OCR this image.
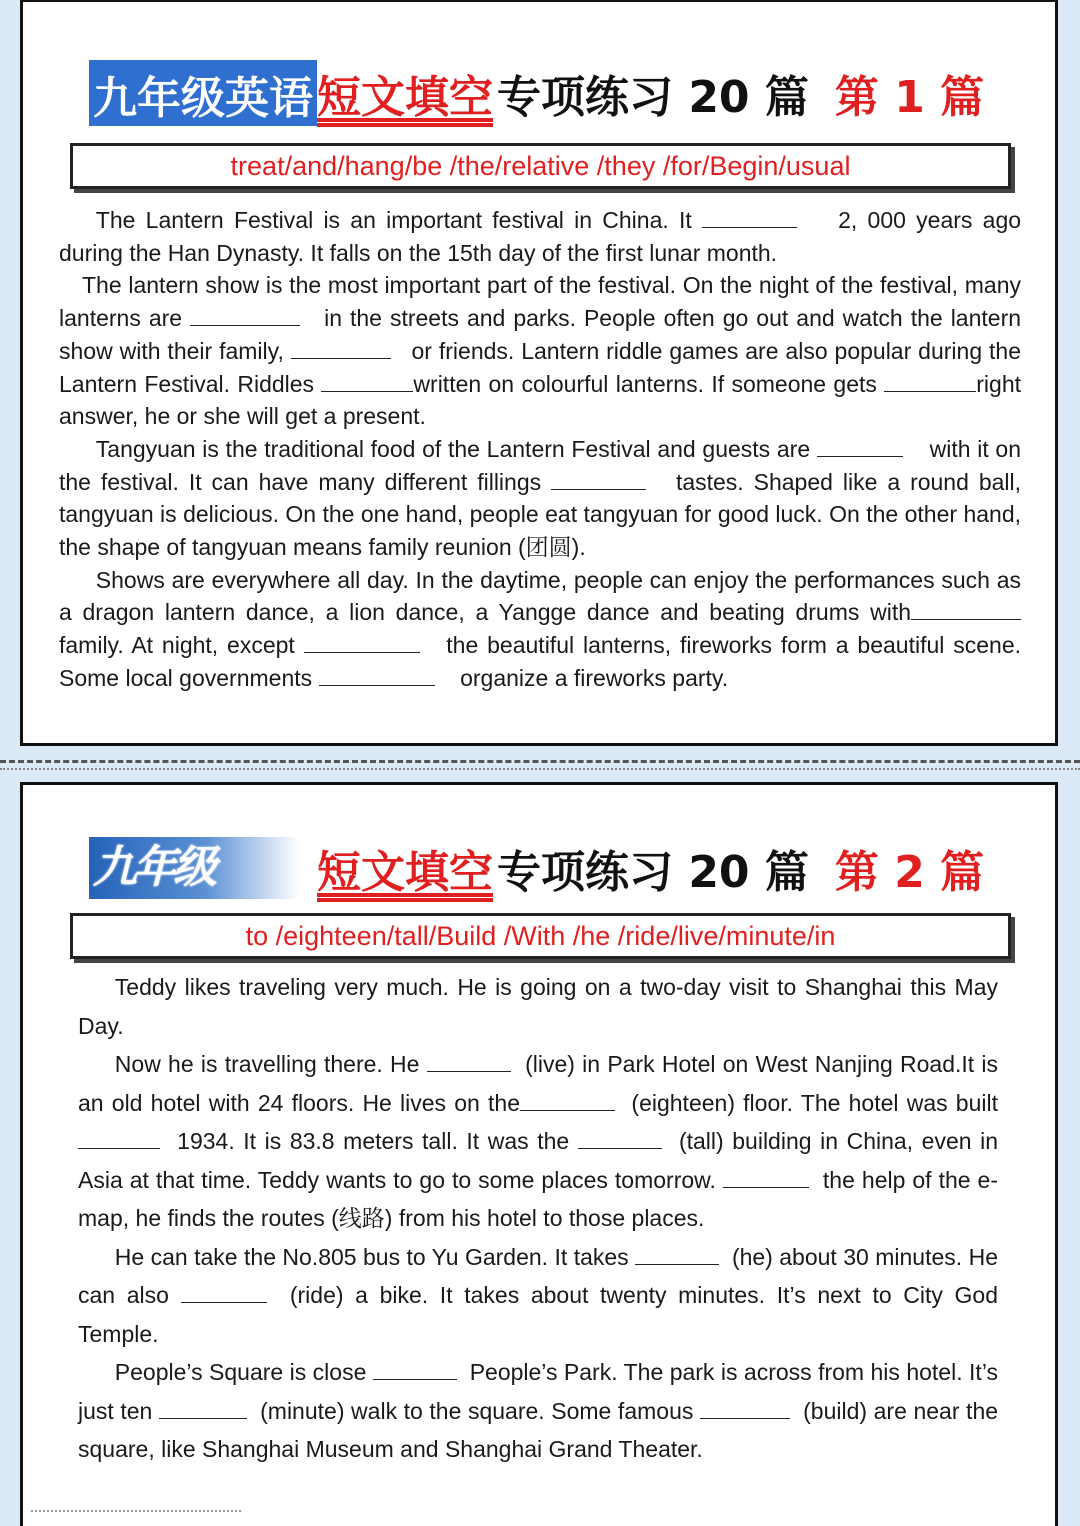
九年级英语 短文填空 专项练习 20 篇 第 1 篇
treat/and/hang/be /the/relative /they /for/Begin/usual

The Lantern Festival is an important festival in China. It	2, 000 years ago during the Han Dynasty. It falls on the 15th day of the first lunar month.

The lantern show is the most important part of the festival. On the night of the festival, many lanterns are	in the streets and parks. People often go out and watch the lantern show with their family,	or friends. Lantern riddle games are also popular during the Lantern Festival. Riddles	written on colourful lanterns. If someone gets	right answer, he or she will get a present.

Tangyuan is the traditional food of the Lantern Festival and guests are	with it on the festival. It can have many different fillings	tastes. Shaped like a round ball, tangyuan is delicious. On the one hand, people eat tangyuan for good luck. On the other hand, the shape of tangyuan means family reunion (团圆).

Shows are everywhere all day. In the daytime, people can enjoy the performances such as a dragon lantern dance, a lion dance, a Yangge dance and beating drums with family. At night, except	the beautiful lanterns, fireworks form a beautiful scene. Some local governments	organize a fireworks party.

九年级	短文填空 专项练习 20 篇 第 2 篇
to /eighteen/tall/Build /With /he /ride/live/minute/in

Teddy likes traveling very much. He is going on a two-day visit to Shanghai this May Day.

Now he is travelling there. He	(live) in Park Hotel on West Nanjing Road.It is an old hotel with 24 floors. He lives on the	(eighteen) floor. The hotel was built  1934. It is 83.8 meters tall. It was the	(tall) building in China, even in Asia at that time. Teddy wants to go to some places tomorrow.	the help of the e-map, he finds the routes (线路) from his hotel to those places.

He can take the No.805 bus to Yu Garden. It takes	(he) about 30 minutes. He can also	(ride) a bike. It takes about twenty minutes. It’s next to City God Temple.

People’s Square is close	People’s Park. The park is across from his hotel. It’s just ten	(minute) walk to the square. Some famous	(build) are near the square, like Shanghai Museum and Shanghai Grand Theater.
